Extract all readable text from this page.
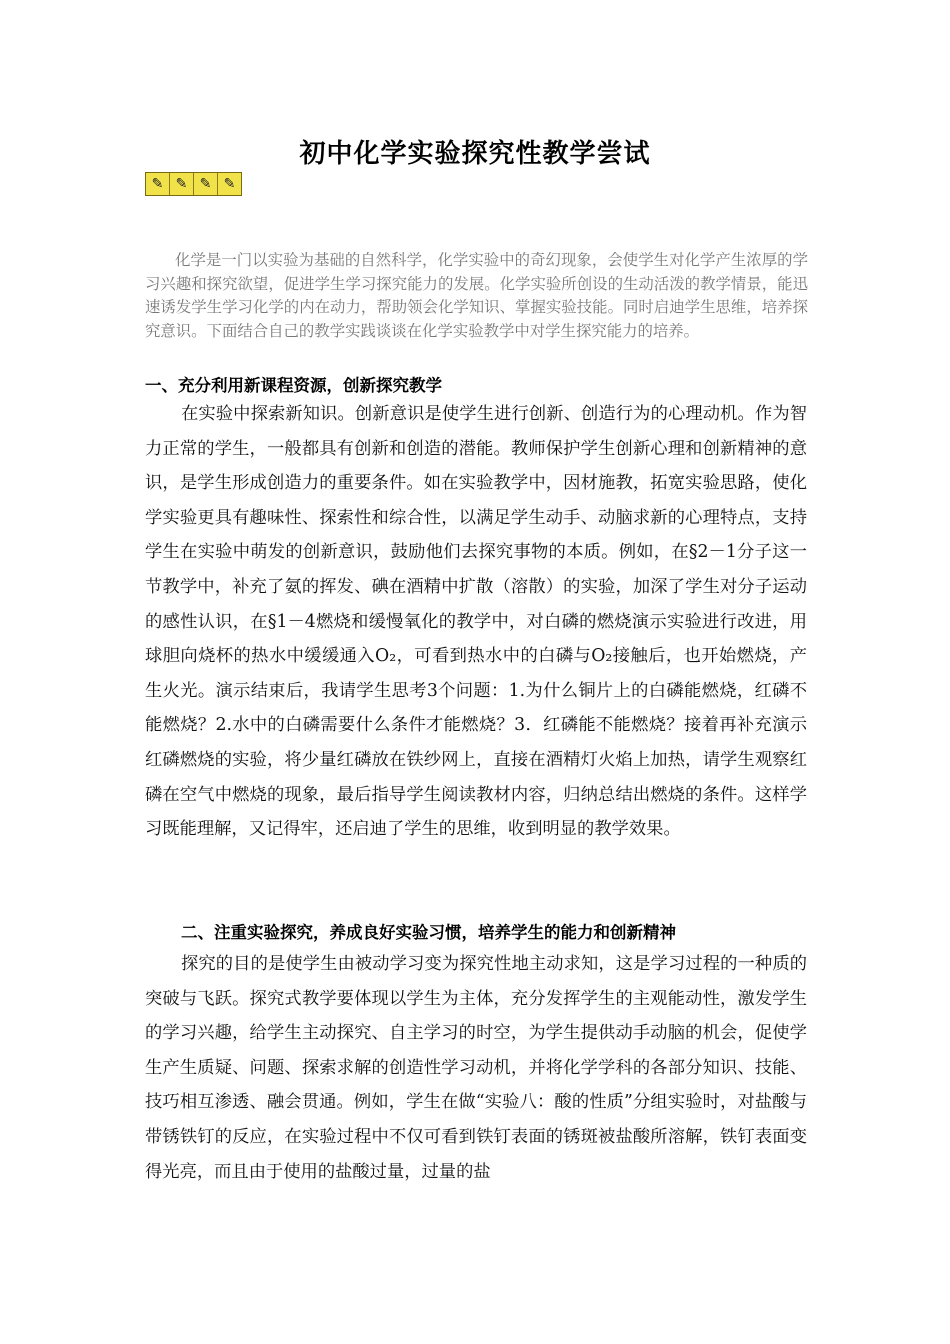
初中化学实验探究性教学尝试
✎ ✎ ✎ ✎

化学是一门以实验为基础的自然科学，化学实验中的奇幻现象，会使学生对化学产生浓厚的学习兴趣和探究欲望，促进学生学习探究能力的发展。化学实验所创设的生动活泼的教学情景，能迅速诱发学生学习化学的内在动力，帮助领会化学知识、掌握实验技能。同时启迪学生思维，培养探究意识。下面结合自己的教学实践谈谈在化学实验教学中对学生探究能力的培养。

一、充分利用新课程资源，创新探究教学

在实验中探索新知识。创新意识是使学生进行创新、创造行为的心理动机。作为智力正常的学生，一般都具有创新和创造的潜能。教师保护学生创新心理和创新精神的意识，是学生形成创造力的重要条件。如在实验教学中，因材施教，拓宽实验思路，使化学实验更具有趣味性、探索性和综合性，以满足学生动手、动脑求新的心理特点，支持学生在实验中萌发的创新意识，鼓励他们去探究事物的本质。例如，在§2－1分子这一节教学中，补充了氨的挥发、碘在酒精中扩散（溶散）的实验，加深了学生对分子运动的感性认识，在§1－4燃烧和缓慢氧化的教学中，对白磷的燃烧演示实验进行改进，用球胆向烧杯的热水中缓缓通入O₂，可看到热水中的白磷与O₂接触后，也开始燃烧，产生火光。演示结束后，我请学生思考3个问题：1.为什么铜片上的白磷能燃烧，红磷不能燃烧？2.水中的白磷需要什么条件才能燃烧？3．红磷能不能燃烧？接着再补充演示红磷燃烧的实验，将少量红磷放在铁纱网上，直接在酒精灯火焰上加热，请学生观察红磷在空气中燃烧的现象，最后指导学生阅读教材内容，归纳总结出燃烧的条件。这样学习既能理解，又记得牢，还启迪了学生的思维，收到明显的教学效果。

二、注重实验探究，养成良好实验习惯，培养学生的能力和创新精神

探究的目的是使学生由被动学习变为探究性地主动求知，这是学习过程的一种质的突破与飞跃。探究式教学要体现以学生为主体，充分发挥学生的主观能动性，激发学生的学习兴趣，给学生主动探究、自主学习的时空，为学生提供动手动脑的机会，促使学生产生质疑、问题、探索求解的创造性学习动机，并将化学学科的各部分知识、技能、技巧相互渗透、融会贯通。例如，学生在做“实验八：酸的性质”分组实验时，对盐酸与带锈铁钉的反应，在实验过程中不仅可看到铁钉表面的锈斑被盐酸所溶解，铁钉表面变得光亮，而且由于使用的盐酸过量，过量的盐
